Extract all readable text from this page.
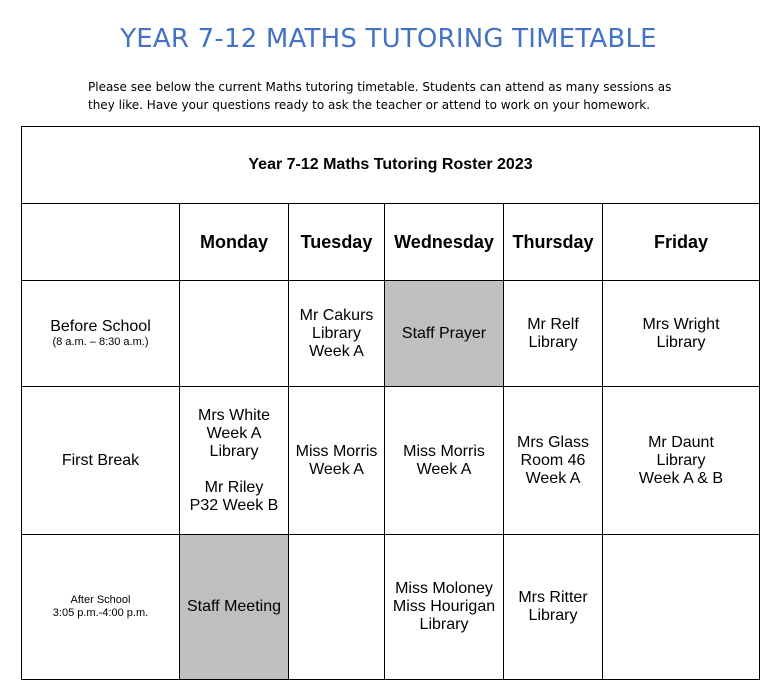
YEAR 7-12 MATHS TUTORING TIMETABLE
Please see below the current Maths tutoring timetable. Students can attend as many sessions as
they like. Have your questions ready to ask the teacher or attend to work on your homework.
Year 7-12 Maths Tutoring Roster 2023					
	Monday	Tuesday	Wednesday	Thursday	Friday

Before School
(8 a.m. – 8:30 a.m.)		Mr Cakurs
Library
Week A	Staff Prayer	Mr Relf
Library	Mrs Wright
Library

First Break	Mrs White
Week A
Library
Mr Riley
P32 Week B	Miss Morris
Week A	Miss Morris
Week A	Mrs Glass
Room 46
Week A	Mr Daunt
Library
Week A & B

After School
3:05 p.m.-4:00 p.m.	Staff Meeting		Miss Moloney
Miss Hourigan
Library	Mrs Ritter
Library	
